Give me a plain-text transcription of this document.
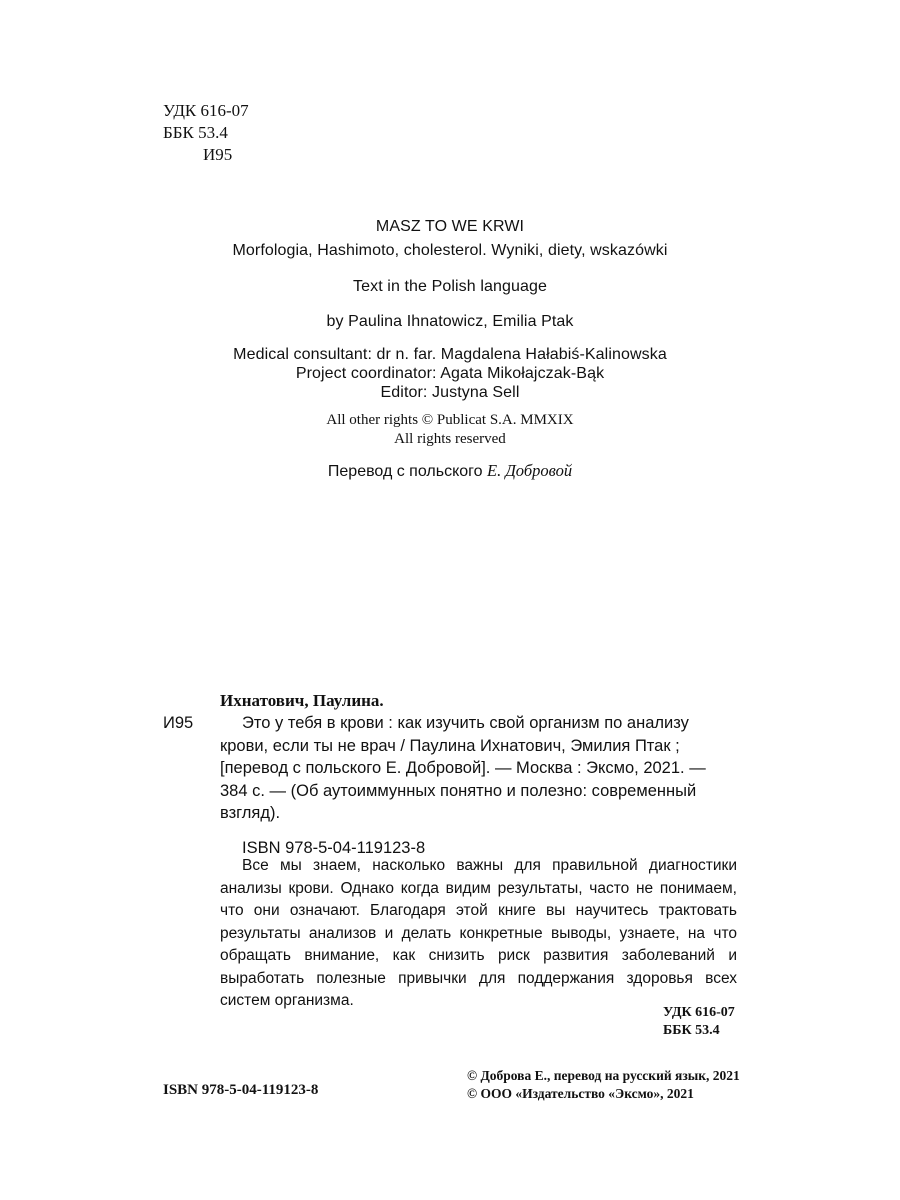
УДК 616-07
ББК 53.4
И95
MASZ TO WE KRWI
Morfologia, Hashimoto, cholesterol. Wyniki, diety, wskazówki
Text in the Polish language
by Paulina Ihnatowicz, Emilia Ptak
Medical consultant: dr n. far. Magdalena Hałabiś-Kalinowska
Project coordinator: Agata Mikołajczak-Bąk
Editor: Justyna Sell
All other rights © Publicat S.A. MMXIX
All rights reserved
Перевод с польского Е. Добровой
Ихнатович, Паулина.
И95	Это у тебя в крови : как изучить свой организм по анализу
крови, если ты не врач / Паулина Ихнатович, Эмилия Птак ;
[перевод с польского Е. Добровой]. — Москва : Эксмо, 2021. —
384 с. — (Об аутоиммунных понятно и полезно: современный
взгляд).
ISBN 978-5-04-119123-8
Все мы знаем, насколько важны для правильной диагностики анализы крови. Однако когда видим результаты, часто не понимаем, что они означают. Благодаря этой книге вы научитесь трактовать результаты анализов и делать конкретные выводы, узнаете, на что обращать внимание, как снизить риск развития заболеваний и выработать полезные привычки для поддержания здоровья всех систем организма.
УДК 616-07
ББК 53.4
ISBN 978-5-04-119123-8
© Доброва Е., перевод на русский язык, 2021
© ООО «Издательство «Эксмо», 2021
